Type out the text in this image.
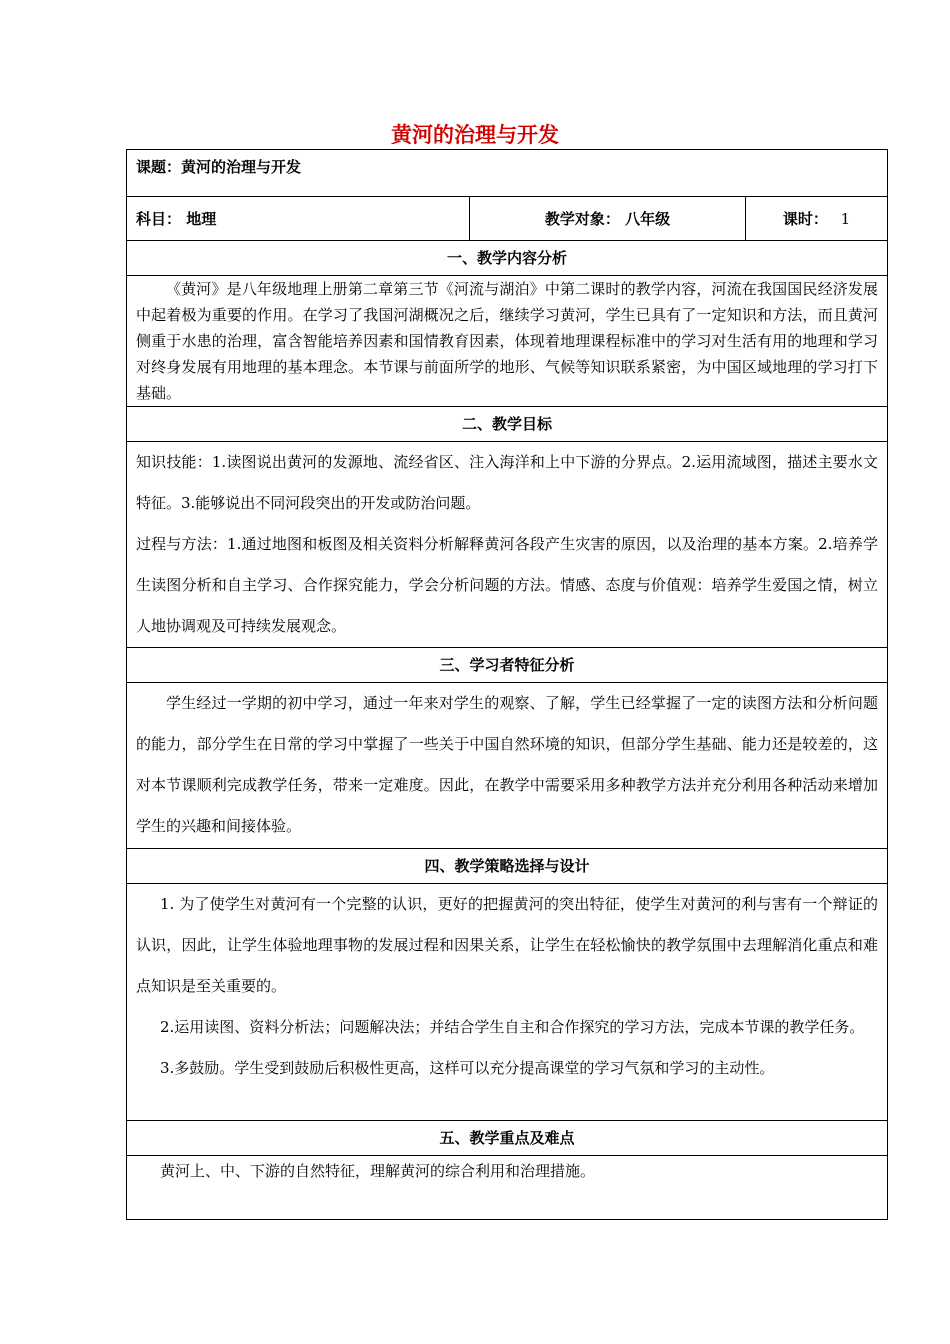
黄河的治理与开发
课题：黄河的治理与开发
科目： 地理	教学对象： 八年级	课时： 1
一、教学内容分析

《黄河》是八年级地理上册第二章第三节《河流与湖泊》中第二课时的教学内容，河流在我国国民经济发展中起着极为重要的作用。在学习了我国河湖概况之后，继续学习黄河，学生已具有了一定知识和方法，而且黄河侧重于水患的治理，富含智能培养因素和国情教育因素，体现着地理课程标准中的学习对生活有用的地理和学习对终身发展有用地理的基本理念。本节课与前面所学的地形、气候等知识联系紧密，为中国区域地理的学习打下基础。

二、教学目标

知识技能：1.读图说出黄河的发源地、流经省区、注入海洋和上中下游的分界点。2.运用流域图，描述主要水文特征。3.能够说出不同河段突出的开发或防治问题。

过程与方法：1.通过地图和板图及相关资料分析解释黄河各段产生灾害的原因，以及治理的基本方案。2.培养学生读图分析和自主学习、合作探究能力，学会分析问题的方法。情感、态度与价值观：培养学生爱国之情，树立人地协调观及可持续发展观念。

三、学习者特征分析

学生经过一学期的初中学习，通过一年来对学生的观察、了解，学生已经掌握了一定的读图方法和分析问题的能力，部分学生在日常的学习中掌握了一些关于中国自然环境的知识，但部分学生基础、能力还是较差的，这对本节课顺利完成教学任务，带来一定难度。因此，在教学中需要采用多种教学方法并充分利用各种活动来增加学生的兴趣和间接体验。

四、教学策略选择与设计

1. 为了使学生对黄河有一个完整的认识，更好的把握黄河的突出特征，使学生对黄河的利与害有一个辩证的认识，因此，让学生体验地理事物的发展过程和因果关系，让学生在轻松愉快的教学氛围中去理解消化重点和难点知识是至关重要的。

2.运用读图、资料分析法；问题解决法；并结合学生自主和合作探究的学习方法，完成本节课的教学任务。

3.多鼓励。学生受到鼓励后积极性更高，这样可以充分提高课堂的学习气氛和学习的主动性。

五、教学重点及难点

黄河上、中、下游的自然特征，理解黄河的综合利用和治理措施。
